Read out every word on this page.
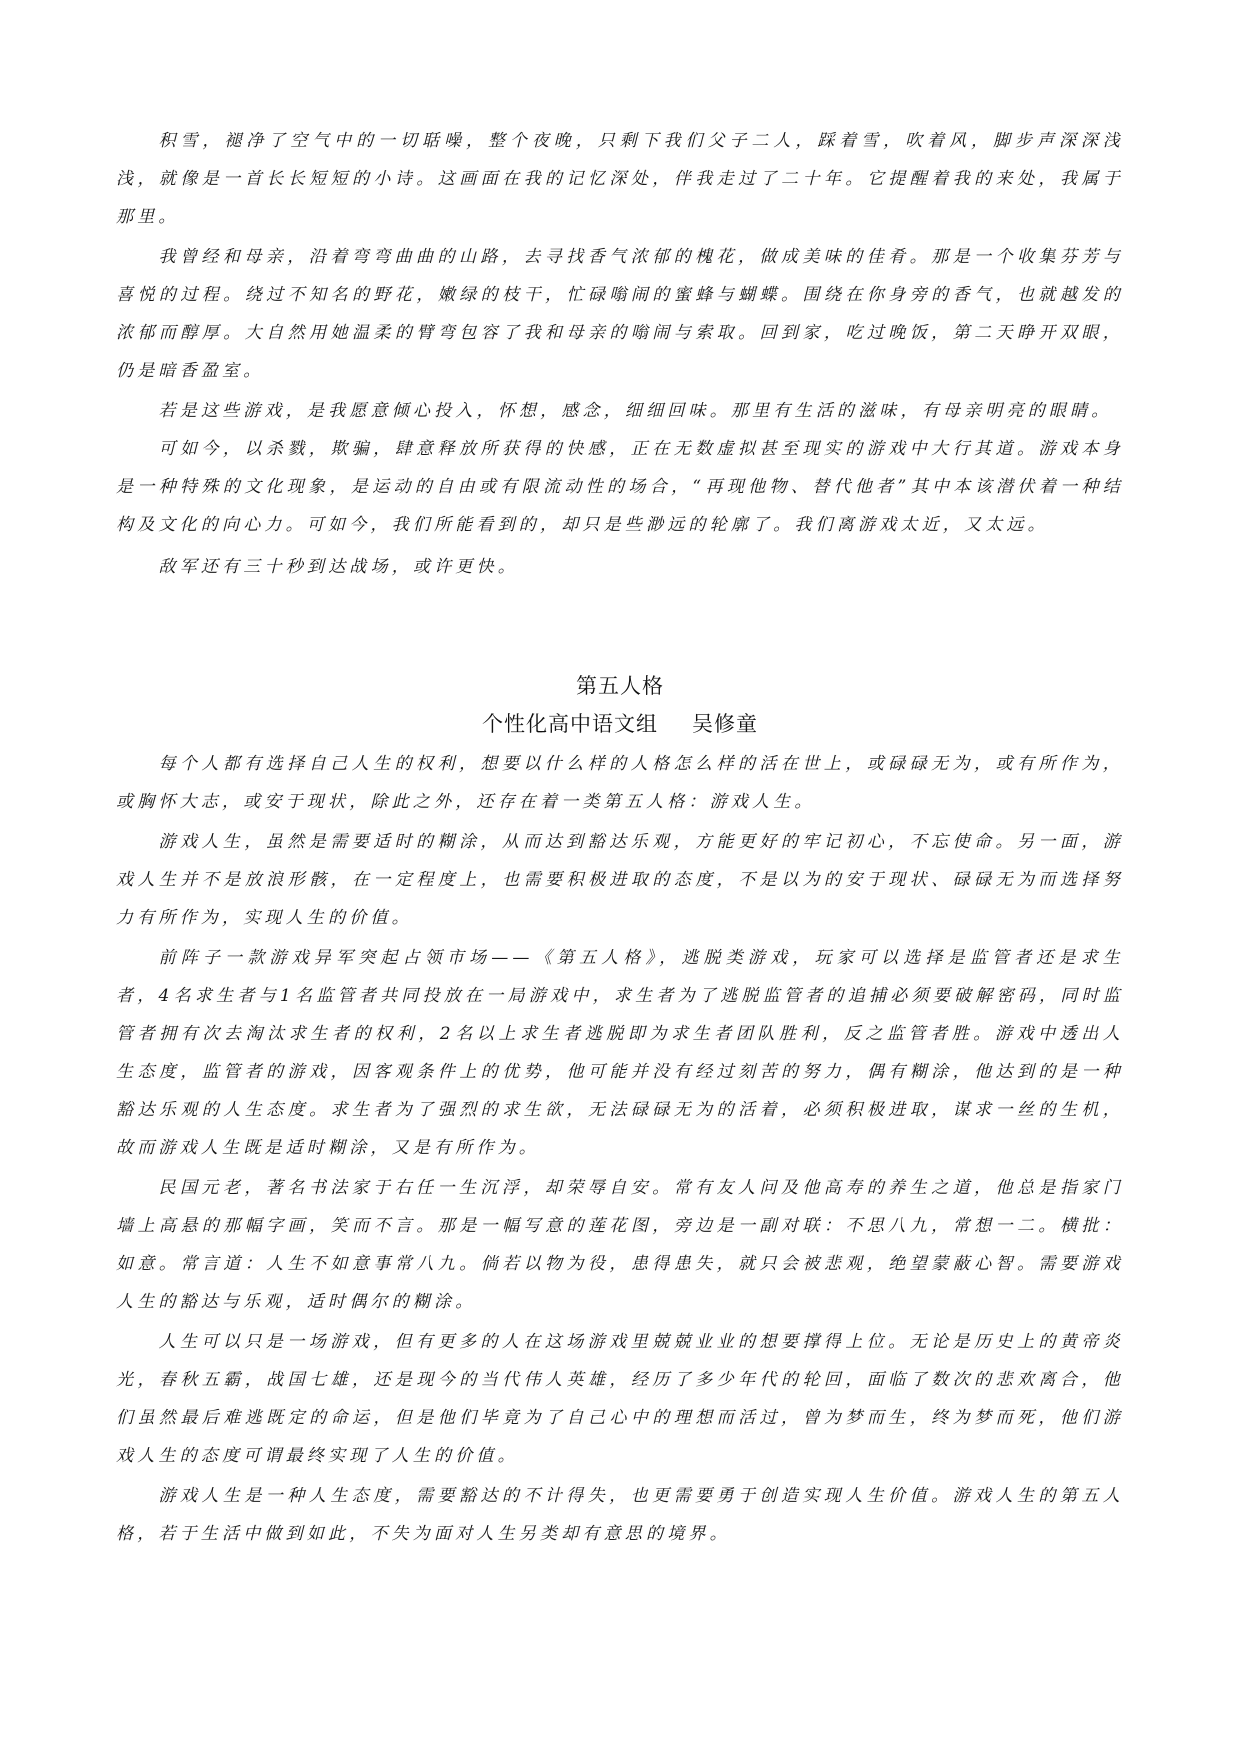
积雪，褪净了空气中的一切聒噪，整个夜晚，只剩下我们父子二人，踩着雪，吹着风，脚步声深深浅浅，就像是一首长长短短的小诗。这画面在我的记忆深处，伴我走过了二十年。它提醒着我的来处，我属于那里。

我曾经和母亲，沿着弯弯曲曲的山路，去寻找香气浓郁的槐花，做成美味的佳肴。那是一个收集芬芳与喜悦的过程。绕过不知名的野花，嫩绿的枝干，忙碌嗡闹的蜜蜂与蝴蝶。围绕在你身旁的香气，也就越发的浓郁而醇厚。大自然用她温柔的臂弯包容了我和母亲的嗡闹与索取。回到家，吃过晚饭，第二天睁开双眼，仍是暗香盈室。

若是这些游戏，是我愿意倾心投入，怀想，感念，细细回味。那里有生活的滋味，有母亲明亮的眼睛。

可如今，以杀戮，欺骗，肆意释放所获得的快感，正在无数虚拟甚至现实的游戏中大行其道。游戏本身是一种特殊的文化现象，是运动的自由或有限流动性的场合，“再现他物、替代他者”其中本该潜伏着一种结构及文化的向心力。可如今，我们所能看到的，却只是些渺远的轮廓了。我们离游戏太近，又太远。

敌军还有三十秒到达战场，或许更快。

第五人格

个性化高中语文组 吴修童

每个人都有选择自己人生的权利，想要以什么样的人格怎么样的活在世上，或碌碌无为，或有所作为，或胸怀大志，或安于现状，除此之外，还存在着一类第五人格：游戏人生。

游戏人生，虽然是需要适时的糊涂，从而达到豁达乐观，方能更好的牢记初心，不忘使命。另一面，游戏人生并不是放浪形骸，在一定程度上，也需要积极进取的态度，不是以为的安于现状、碌碌无为而选择努力有所作为，实现人生的价值。

前阵子一款游戏异军突起占领市场——《第五人格》，逃脱类游戏，玩家可以选择是监管者还是求生者，4名求生者与1名监管者共同投放在一局游戏中，求生者为了逃脱监管者的追捕必须要破解密码，同时监管者拥有次去淘汰求生者的权利，2名以上求生者逃脱即为求生者团队胜利，反之监管者胜。游戏中透出人生态度，监管者的游戏，因客观条件上的优势，他可能并没有经过刻苦的努力，偶有糊涂，他达到的是一种豁达乐观的人生态度。求生者为了强烈的求生欲，无法碌碌无为的活着，必须积极进取，谋求一丝的生机，故而游戏人生既是适时糊涂，又是有所作为。

民国元老，著名书法家于右任一生沉浮，却荣辱自安。常有友人问及他高寿的养生之道，他总是指家门墙上高悬的那幅字画，笑而不言。那是一幅写意的莲花图，旁边是一副对联：不思八九，常想一二。横批：如意。常言道：人生不如意事常八九。倘若以物为役，患得患失，就只会被悲观，绝望蒙蔽心智。需要游戏人生的豁达与乐观，适时偶尔的糊涂。

人生可以只是一场游戏，但有更多的人在这场游戏里兢兢业业的想要撑得上位。无论是历史上的黄帝炎光，春秋五霸，战国七雄，还是现今的当代伟人英雄，经历了多少年代的轮回，面临了数次的悲欢离合，他们虽然最后难逃既定的命运，但是他们毕竟为了自己心中的理想而活过，曾为梦而生，终为梦而死，他们游戏人生的态度可谓最终实现了人生的价值。

游戏人生是一种人生态度，需要豁达的不计得失，也更需要勇于创造实现人生价值。游戏人生的第五人格，若于生活中做到如此，不失为面对人生另类却有意思的境界。
